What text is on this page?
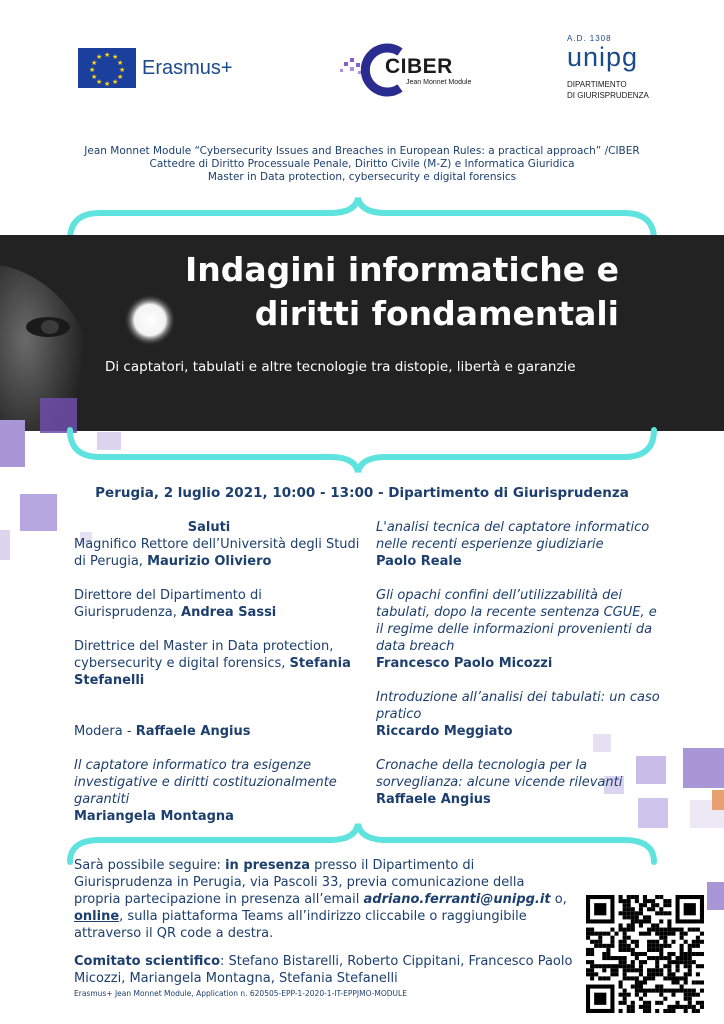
★ ★
★
★
★
★
★
★
★
★
★
★ Erasmus+	CIBER
Jean Monnet Module
A.D. 1308
unipg
DIPARTIMENTO
DI GIURISPRUDENZA
Jean Monnet Module “Cybersecurity Issues and Breaches in European Rules: a practical approach” /CIBER
Cattedre di Diritto Processuale Penale, Diritto Civile (M-Z) e Informatica Giuridica
Master in Data protection, cybersecurity e digital forensics
Indagini informatiche e
diritti fondamentali
Di captatori, tabulati e altre tecnologie tra distopie, libertà e garanzie
Perugia, 2 luglio 2021, 10:00 - 13:00 - Dipartimento di Giurisprudenza
Saluti
Magnifico Rettore dell’Università degli Studi di Perugia, Maurizio Oliviero
Direttore del Dipartimento di Giurisprudenza, Andrea Sassi
Direttrice del Master in Data protection, cybersecurity e digital forensics, Stefania Stefanelli
Modera - Raffaele Angius
Il captatore informatico tra esigenze investigative e diritti costituzionalmente garantiti
Mariangela Montagna
L'analisi tecnica del captatore informatico nelle recenti esperienze giudiziarie
Paolo Reale
Gli opachi confini dell’utilizzabilità dei tabulati, dopo la recente sentenza CGUE, e il regime delle informazioni provenienti da data breach
Francesco Paolo Micozzi
Introduzione all’analisi dei tabulati: un caso pratico
Riccardo Meggiato
Cronache della tecnologia per la sorveglianza: alcune vicende rilevanti
Raffaele Angius
Sarà possibile seguire: in presenza presso il Dipartimento di Giurisprudenza in Perugia, via Pascoli 33, previa comunicazione della propria partecipazione in presenza all’email adriano.ferranti@unipg.it o,
online, sulla piattaforma Teams all’indirizzo cliccabile o raggiungibile attraverso il QR code a destra.
Comitato scientifico: Stefano Bistarelli, Roberto Cippitani, Francesco Paolo Micozzi, Mariangela Montagna, Stefania Stefanelli
Erasmus+ Jean Monnet Module, Application n. 620505-EPP-1-2020-1-IT-EPPJMO-MODULE
